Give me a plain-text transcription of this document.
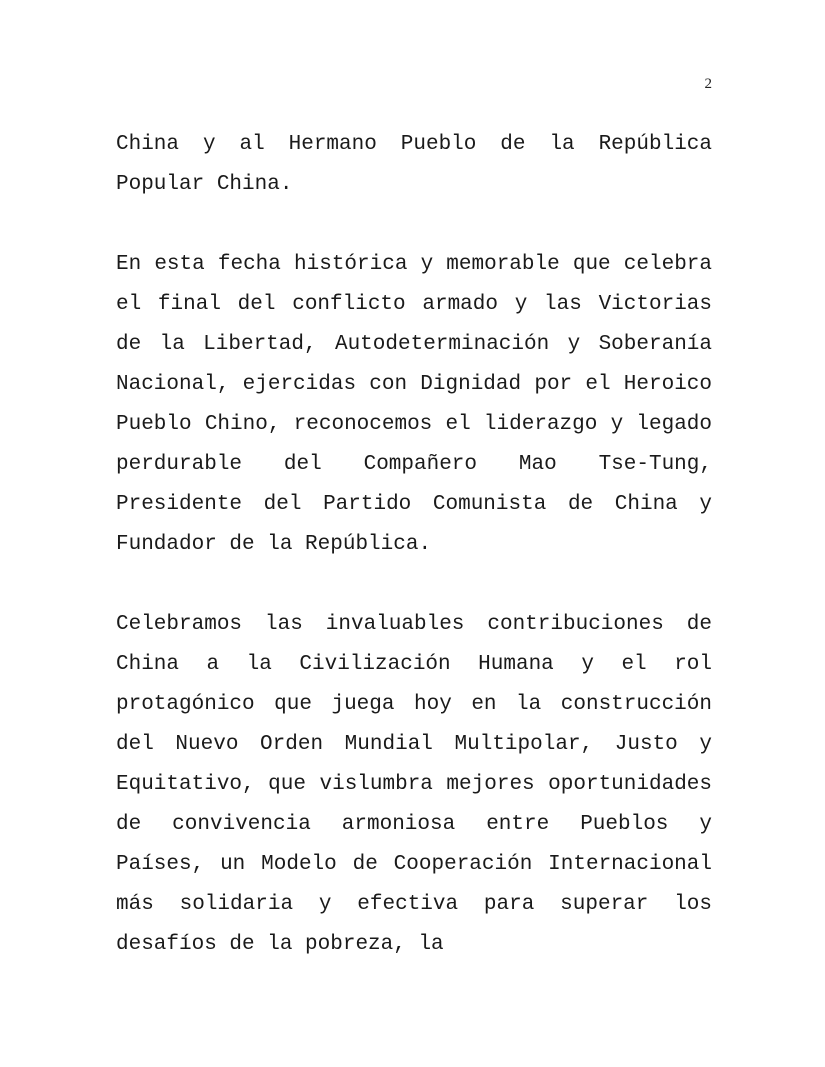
2

China y al Hermano Pueblo de la República Popular China.

En esta fecha histórica y memorable que celebra el final del conflicto armado y las Victorias de la Libertad, Autodeterminación y Soberanía Nacional, ejercidas con Dignidad por el Heroico Pueblo Chino, reconocemos el liderazgo y legado perdurable del Compañero Mao Tse-Tung, Presidente del Partido Comunista de China y Fundador de la República.

Celebramos las invaluables contribuciones de China a la Civilización Humana y el rol protagónico que juega hoy en la construcción del Nuevo Orden Mundial Multipolar, Justo y Equitativo, que vislumbra mejores oportunidades de convivencia armoniosa entre Pueblos y Países, un Modelo de Cooperación Internacional más solidaria y efectiva para superar los desafíos de la pobreza, la
